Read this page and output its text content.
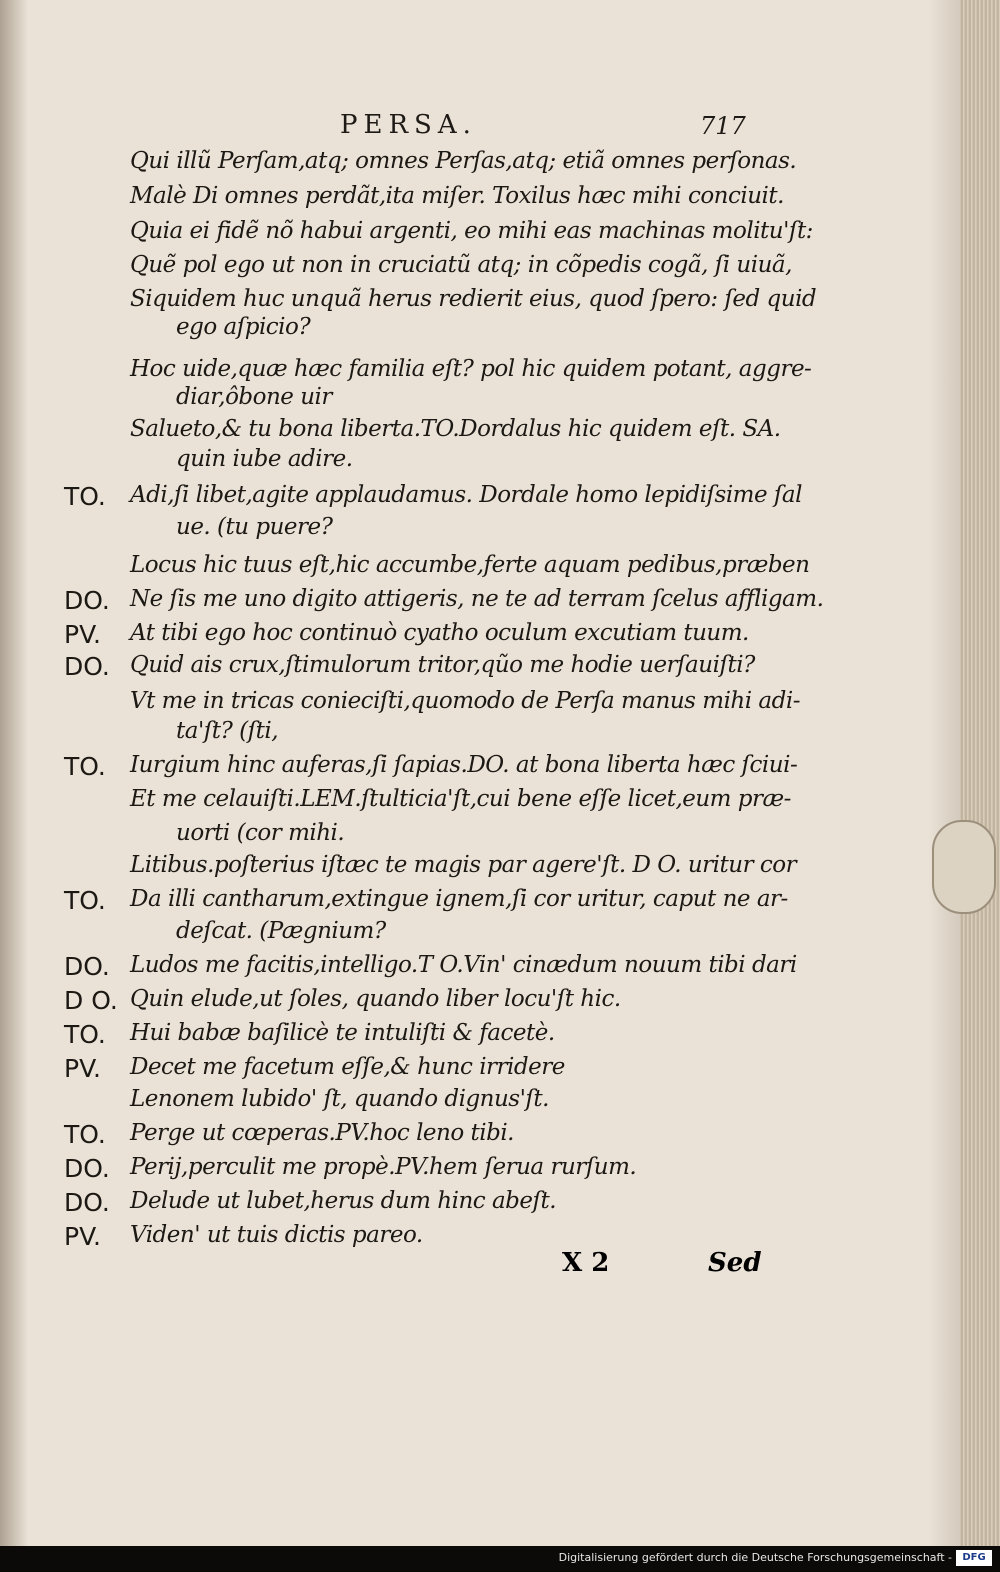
PERSA.	717
Qui illũ Perſam,atq; omnes Perſas,atq; etiã omnes perſonas.
Malè Di omnes perdãt,ita miſer. Toxilus hæc mihi conciuit.
Quia ei fidẽ nõ habui argenti, eo mihi eas machinas molitu'ſt:
Quẽ pol ego ut non in cruciatũ atq; in cõpedis cogã, ſi uiuã,
Siquidem huc unquã herus redierit eius, quod ſpero: ſed quid
ego aſpicio?
Hoc uide,quæ hæc familia eſt? pol hic quidem potant, aggre-
diar,ôbone uir
Salueto,& tu bona liberta.TO.Dordalus hic quidem eſt. SA.
quin iube adire.
TO. Adi,ſi libet,agite applaudamus. Dordale homo lepidiſsime ſal
ue. (tu puere?
Locus hic tuus eſt,hic accumbe,ferte aquam pedibus,præben
DO. Ne ſis me uno digito attigeris, ne te ad terram ſcelus affligam.
PV. At tibi ego hoc continuò cyatho oculum excutiam tuum.
DO. Quid ais crux,ſtimulorum tritor,qũo me hodie uerſauiſti?
Vt me in tricas conieciſti,quomodo de Perſa manus mihi adi-
ta'ſt? (ſti,
TO. Iurgium hinc auferas,ſi ſapias.DO. at bona liberta hæc ſciui-
Et me celauiſti.LEM.ſtulticia'ſt,cui bene eſſe licet,eum præ-
uorti (cor mihi.
Litibus.poſterius iſtæc te magis par agere'ſt. D O. uritur cor
TO. Da illi cantharum,extingue ignem,ſi cor uritur, caput ne ar-
deſcat. (Pægnium?
DO. Ludos me facitis,intelligo.T O.Vin' cinædum nouum tibi dari
D O. Quin elude,ut ſoles, quando liber locu'ſt hic.
TO. Hui babæ baſilicè te intuliſti & facetè.
PV. Decet me facetum eſſe,& hunc irridere
Lenonem lubido' ſt, quando dignus'ſt.
TO. Perge ut cœperas.PV.hoc leno tibi.
DO. Perij,perculit me propè.PV.hem ſerua rurſum.
DO. Delude ut lubet,herus dum hinc abeſt.
PV. Viden' ut tuis dictis pareo.
X 2	Sed
Digitalisierung gefördert durch die Deutsche Forschungsgemeinschaft -	DFG
